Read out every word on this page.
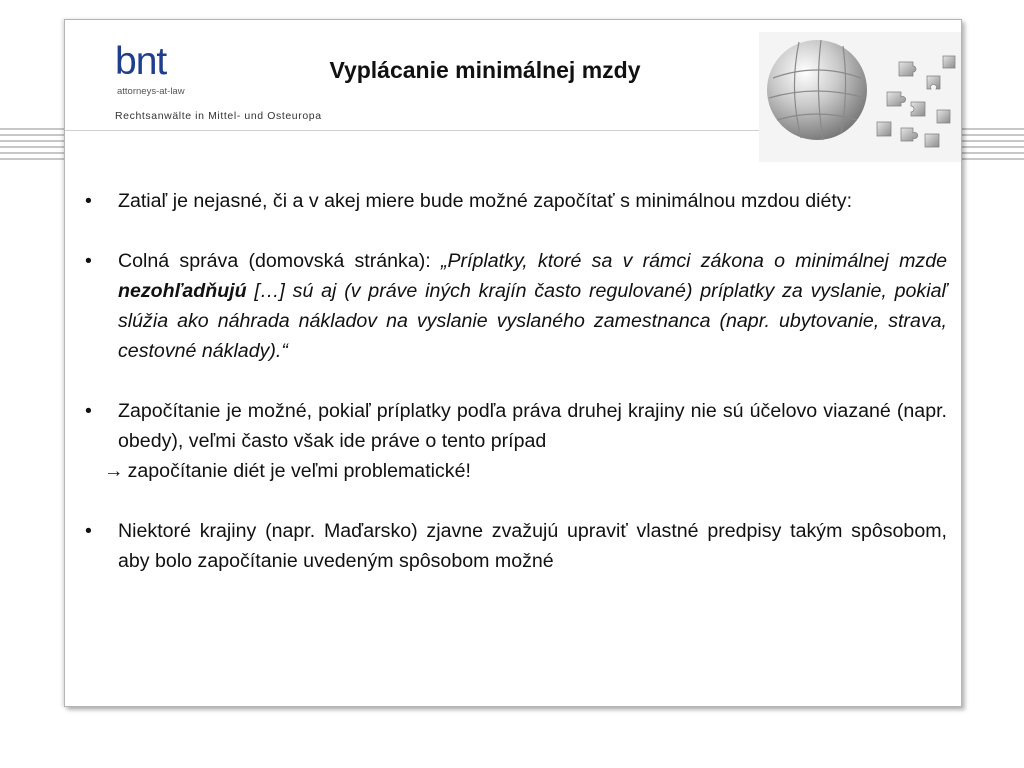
bnt
attorneys-at-law
Rechtsanwälte in Mittel- und Osteuropa
Vyplácanie minimálnej mzdy
• Zatiaľ je nejasné, či a v akej miere bude možné započítať s minimálnou mzdou diéty:
• Colná správa (domovská stránka): „Príplatky, ktoré sa v rámci zákona o minimálnej mzde nezohľadňujú […] sú aj (v práve iných krajín často regulované) príplatky za vyslanie, pokiaľ slúžia ako náhrada nákladov na vyslanie vyslaného zamestnanca (napr. ubytovanie, strava, cestovné náklady).“
• Započítanie je možné, pokiaľ príplatky podľa práva druhej krajiny nie sú účelovo viazané (napr. obedy), veľmi často však ide práve o tento prípad
→ započítanie diét je veľmi problematické!
• Niektoré krajiny (napr. Maďarsko) zjavne zvažujú upraviť vlastné predpisy takým spôsobom, aby bolo započítanie uvedeným spôsobom možné
